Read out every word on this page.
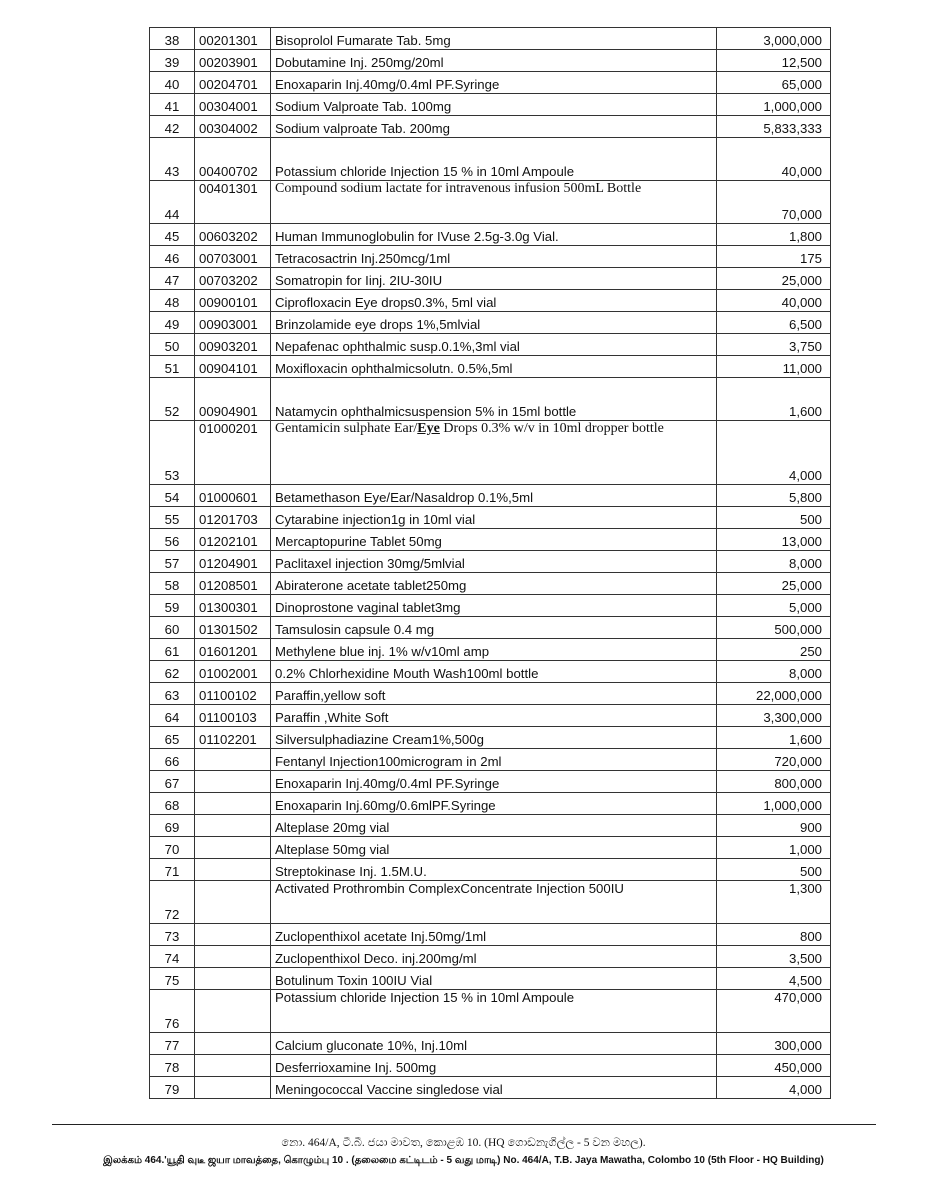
38	00201301	Bisoprolol Fumarate Tab. 5mg	3,000,000
39	00203901	Dobutamine Inj. 250mg/20ml	12,500
40	00204701	Enoxaparin Inj.40mg/0.4ml PF.Syringe	65,000
41	00304001	Sodium Valproate Tab. 100mg	1,000,000
42	00304002	Sodium valproate Tab. 200mg	5,833,333
43	00400702	Potassium chloride Injection 15 % in 10ml Ampoule	40,000
44	00401301	Compound sodium lactate for intravenous infusion 500mL Bottle	70,000
45	00603202	Human Immunoglobulin for IVuse 2.5g-3.0g Vial.	1,800
46	00703001	Tetracosactrin Inj.250mcg/1ml	175
47	00703202	Somatropin for Iinj. 2IU-30IU	25,000
48	00900101	Ciprofloxacin Eye drops0.3%, 5ml vial	40,000
49	00903001	Brinzolamide eye drops 1%,5mlvial	6,500
50	00903201	Nepafenac ophthalmic susp.0.1%,3ml vial	3,750
51	00904101	Moxifloxacin ophthalmicsolutn. 0.5%,5ml	11,000
52	00904901	Natamycin ophthalmicsuspension 5% in 15ml bottle	1,600
53	01000201	Gentamicin sulphate Ear/Eye Drops 0.3% w/v in 10ml dropper bottle	4,000
54	01000601	Betamethason Eye/Ear/Nasaldrop 0.1%,5ml	5,800
55	01201703	Cytarabine injection1g in 10ml vial	500
56	01202101	Mercaptopurine Tablet 50mg	13,000
57	01204901	Paclitaxel injection 30mg/5mlvial	8,000
58	01208501	Abiraterone acetate tablet250mg	25,000
59	01300301	Dinoprostone vaginal tablet3mg	5,000
60	01301502	Tamsulosin capsule 0.4 mg	500,000
61	01601201	Methylene blue inj. 1% w/v10ml amp	250
62	01002001	0.2% Chlorhexidine Mouth Wash100ml bottle	8,000
63	01100102	Paraffin,yellow soft	22,000,000
64	01100103	Paraffin ,White Soft	3,300,000
65	01102201	Silversulphadiazine Cream1%,500g	1,600
66		Fentanyl Injection100microgram in 2ml	720,000
67		Enoxaparin Inj.40mg/0.4ml PF.Syringe	800,000
68		Enoxaparin Inj.60mg/0.6mlPF.Syringe	1,000,000
69		Alteplase 20mg vial	900
70		Alteplase 50mg vial	1,000
71		Streptokinase Inj. 1.5M.U.	500
72		Activated Prothrombin ComplexConcentrate Injection 500IU	1,300
73		Zuclopenthixol acetate Inj.50mg/1ml	800
74		Zuclopenthixol Deco. inj.200mg/ml	3,500
75		Botulinum Toxin 100IU Vial	4,500
76		Potassium chloride Injection 15 % in 10ml Ampoule	470,000
77		Calcium gluconate 10%, Inj.10ml	300,000
78		Desferrioxamine Inj. 500mg	450,000
79		Meningococcal Vaccine singledose vial	4,000
නො. 464/A, ටී.බී. ජයා මාවත, කොළඹ 10. (HQ ගොඩනැගිල්ල - 5 වන මහල).
இலக்கம் 464.'யூதி வுடீ ஜயா மாவத்தை, கொழும்பு 10 . (தலைமை கட்டிடம் - 5 வது மாடி) No. 464/A, T.B. Jaya Mawatha, Colombo 10 (5th Floor - HQ Building)
